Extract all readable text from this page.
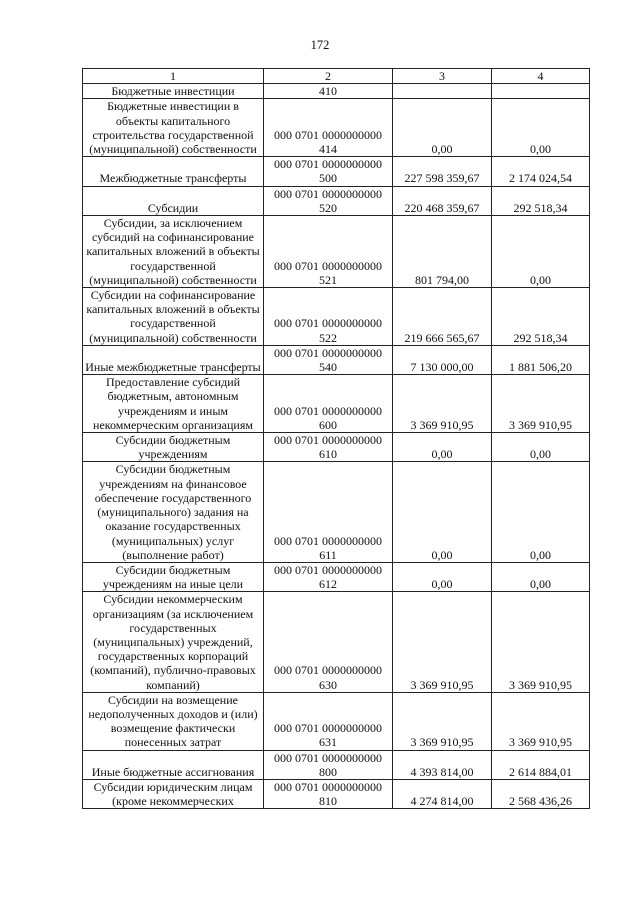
172
1	2	3	4
Бюджетные инвестиции	410		
Бюджетные инвестиции в объекты капитального строительства государственной (муниципальной) собственности	000 0701 0000000000 414	0,00	0,00
Межбюджетные трансферты	000 0701 0000000000 500	227 598 359,67	2 174 024,54
Субсидии	000 0701 0000000000 520	220 468 359,67	292 518,34
Субсидии, за исключением субсидий на софинансирование капитальных вложений в объекты государственной (муниципальной) собственности	000 0701 0000000000 521	801 794,00	0,00
Субсидии на софинансирование капитальных вложений в объекты государственной (муниципальной) собственности	000 0701 0000000000 522	219 666 565,67	292 518,34
Иные межбюджетные трансферты	000 0701 0000000000 540	7 130 000,00	1 881 506,20
Предоставление субсидий бюджетным, автономным учреждениям и иным некоммерческим организациям	000 0701 0000000000 600	3 369 910,95	3 369 910,95
Субсидии бюджетным учреждениям	000 0701 0000000000 610	0,00	0,00
Субсидии бюджетным учреждениям на финансовое обеспечение государственного (муниципального) задания на оказание государственных (муниципальных) услуг (выполнение работ)	000 0701 0000000000 611	0,00	0,00
Субсидии бюджетным учреждениям на иные цели	000 0701 0000000000 612	0,00	0,00
Субсидии некоммерческим организациям (за исключением государственных (муниципальных) учреждений, государственных корпораций (компаний), публично-правовых компаний)	000 0701 0000000000 630	3 369 910,95	3 369 910,95
Субсидии на возмещение недополученных доходов и (или) возмещение фактически понесенных затрат	000 0701 0000000000 631	3 369 910,95	3 369 910,95
Иные бюджетные ассигнования	000 0701 0000000000 800	4 393 814,00	2 614 884,01
Субсидии юридическим лицам (кроме некоммерческих	000 0701 0000000000 810	4 274 814,00	2 568 436,26
